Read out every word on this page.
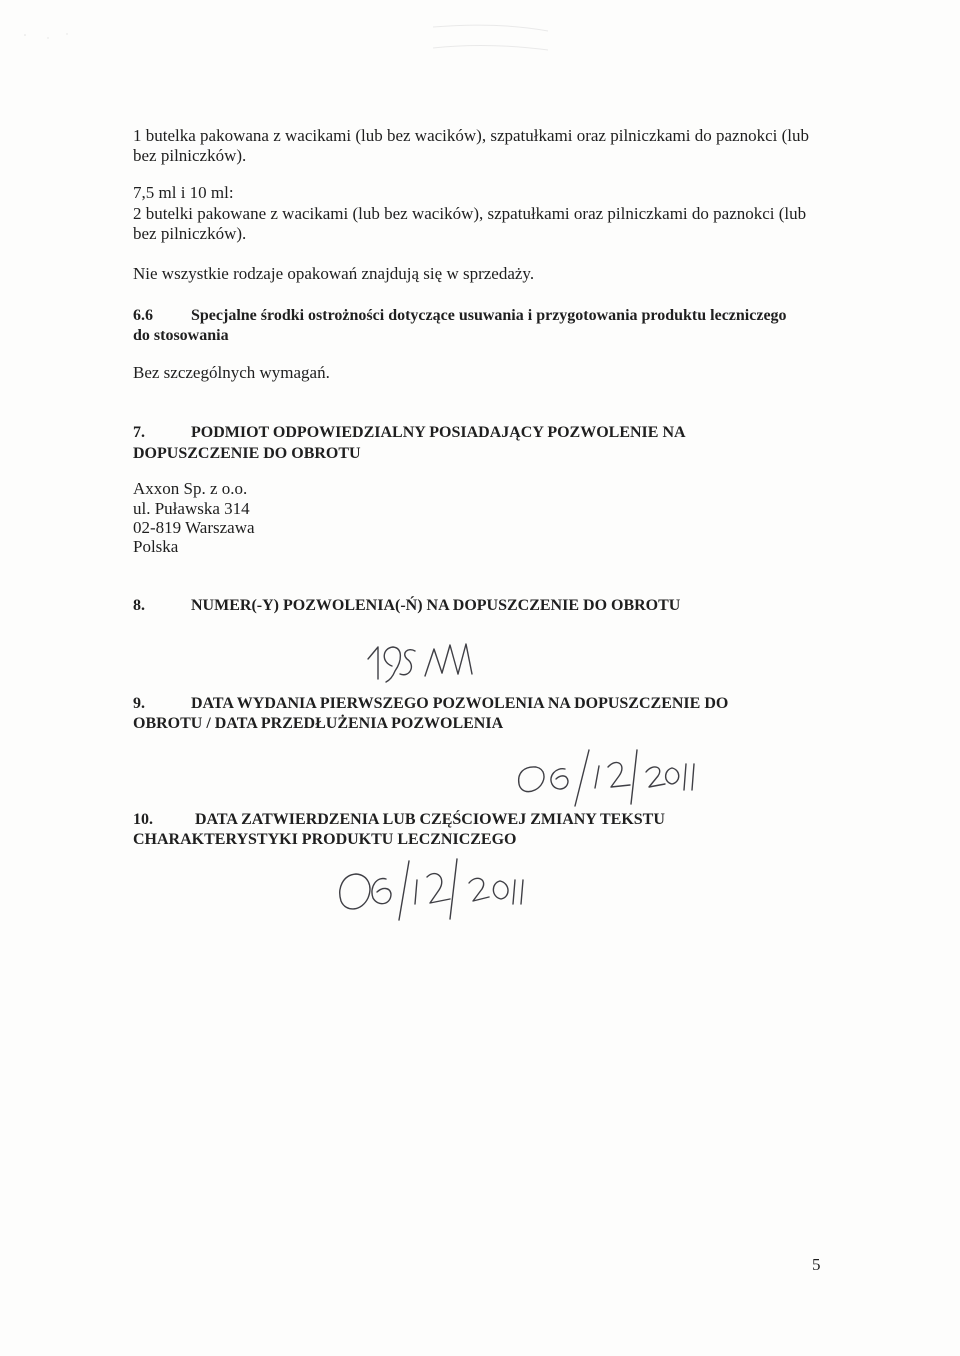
1 butelka pakowana z wacikami (lub bez wacików), szpatułkami oraz pilniczkami do paznokci (lub
bez pilniczków).
7,5 ml i 10 ml:
2 butelki pakowane z wacikami (lub bez wacików), szpatułkami oraz pilniczkami do paznokci (lub
bez pilniczków).
Nie wszystkie rodzaje opakowań znajdują się w sprzedaży.
6.6 Specjalne środki ostrożności dotyczące usuwania i przygotowania produktu leczniczego
do stosowania
Bez szczególnych wymagań.
7.	PODMIOT ODPOWIEDZIALNY POSIADAJĄCY POZWOLENIE NA
DOPUSZCZENIE DO OBROTU
Axxon Sp. z o.o.
ul. Puławska 314
02-819 Warszawa
Polska
8.	NUMER(-Y) POZWOLENIA(-Ń) NA DOPUSZCZENIE DO OBROTU
9.	DATA WYDANIA PIERWSZEGO POZWOLENIA NA DOPUSZCZENIE DO
OBROTU / DATA PRZEDŁUŻENIA POZWOLENIA
10.	DATA ZATWIERDZENIA LUB CZĘŚCIOWEJ ZMIANY TEKSTU
CHARAKTERYSTYKI PRODUKTU LECZNICZEGO
5
